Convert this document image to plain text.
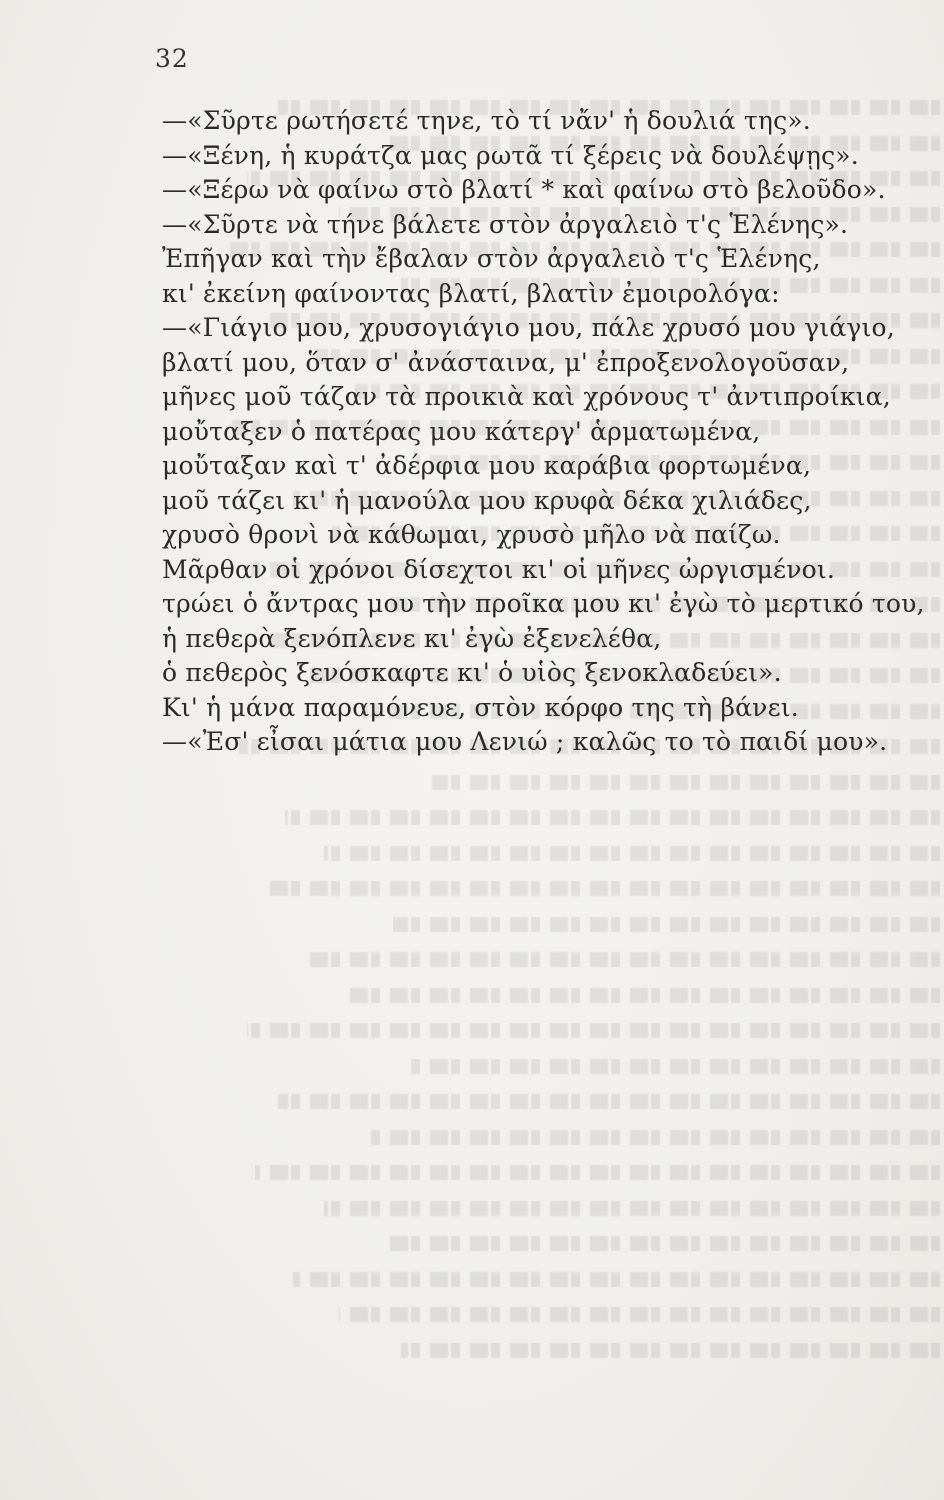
32
—«Σῦρτε ρωτήσετέ τηνε, τὸ τί νἄν' ἡ δουλιά της».
—«Ξένη, ἡ κυράτζα μας ρωτᾶ τί ξέρεις νὰ δουλέψῃς».
—«Ξέρω νὰ φαίνω στὸ βλατί * καὶ φαίνω στὸ βελοῦδο».
—«Σῦρτε νὰ τήνε βάλετε στὸν ἀργαλειὸ τ'ς Ἑλένης».
Ἐπῆγαν καὶ τὴν ἔβαλαν στὸν ἀργαλειὸ τ'ς Ἑλένης,
κι' ἐκείνη φαίνοντας βλατί, βλατὶν ἐμοιρολόγα:
—«Γιάγιο μου, χρυσογιάγιο μου, πάλε χρυσό μου γιάγιο,
βλατί μου, ὅταν σ' ἀνάσταινα, μ' ἐπροξενολογοῦσαν,
μῆνες μοῦ τάζαν τὰ προικιὰ καὶ χρόνους τ' ἀντιπροίκια,
μοὔταξεν ὁ πατέρας μου κάτεργ' ἁρματωμένα,
μοὔταξαν καὶ τ' ἀδέρφια μου καράβια φορτωμένα,
μοῦ τάζει κι' ἡ μανούλα μου κρυφὰ δέκα χιλιάδες,
χρυσὸ θρονὶ νὰ κάθωμαι, χρυσὸ μῆλο νὰ παίζω.
Μᾶρθαν οἱ χρόνοι δίσεχτοι κι' οἱ μῆνες ὠργισμένοι.
τρώει ὁ ἄντρας μου τὴν προῖκα μου κι' ἐγὼ τὸ μερτικό του,
ἡ πεθερὰ ξενόπλενε κι' ἐγὼ ἐξενελέθα,
ὁ πεθερὸς ξενόσκαφτε κι' ὁ υἱὸς ξενοκλαδεύει».
Κι' ἡ μάνα παραμόνευε, στὸν κόρφο της τὴ βάνει.
—«Ἐσ' εἶσαι μάτια μου Λενιώ ; καλῶς το τὸ παιδί μου».
